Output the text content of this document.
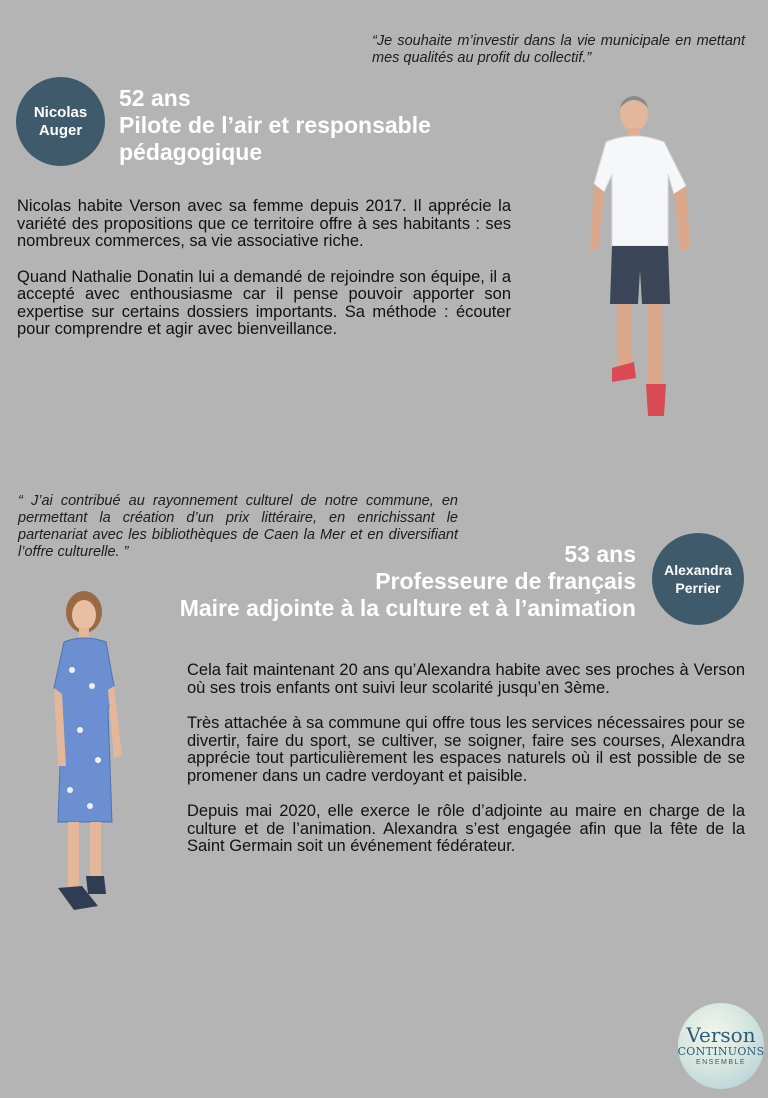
“Je souhaite m’investir dans la vie municipale en mettant mes qualités au profit du collectif.”
Nicolas
Auger
52 ans
Pilote de l’air et responsable pédagogique

Nicolas habite Verson avec sa femme depuis 2017. Il apprécie la variété des propositions que ce territoire offre à ses habitants : ses nombreux commerces, sa vie associative riche.

Quand Nathalie Donatin lui a demandé de rejoindre son équipe, il a accepté avec enthousiasme car il pense pouvoir apporter son expertise sur certains dossiers importants. Sa méthode : écouter pour comprendre et agir avec bienveillance.

“ J’ai contribué au rayonnement culturel de notre commune, en permettant la création d’un prix littéraire, en enrichissant le partenariat avec les bibliothèques de Caen la Mer et en diversifiant l’offre culturelle. ”	53 ans
Professeure de français
Maire adjointe à la culture et à l’animation
Alexandra
Perrier

Cela fait maintenant 20 ans qu’Alexandra habite avec ses proches à Verson où ses trois enfants ont suivi leur scolarité jusqu’en 3ème.

Très attachée à sa commune qui offre tous les services nécessaires pour se divertir, faire du sport, se cultiver, se soigner, faire ses courses, Alexandra apprécie tout particulièrement les espaces naturels où il est possible de se promener dans un cadre verdoyant et paisible.

Depuis mai 2020, elle exerce le rôle d’adjointe au maire en charge de la culture et de l’animation. Alexandra s’est engagée afin que la fête de la Saint Germain soit un événement fédérateur.

Verson
CONTINUONS
ENSEMBLE
